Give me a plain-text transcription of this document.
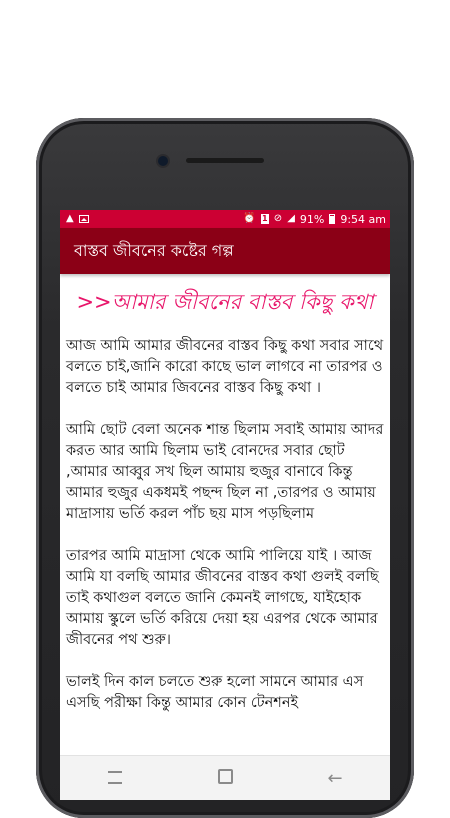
▲	⏰ 1 ⊘ ◢ 91% 9:54 am
বাস্তব জীবনের কষ্টের গল্প
>>আমার জীবনের বাস্তব কিছু কথা

আজ আমি আমার জীবনের বাস্তব কিছু কথা সবার সাথে বলতে চাই,জানি কারো কাছে ভাল লাগবে না তারপর ও বলতে চাই আমার জিবনের বাস্তব কিছু কথা ।

আমি ছোট বেলা অনেক শান্ত ছিলাম সবাই আমায় আদর করত আর আমি ছিলাম ভাই বোনদের সবার ছোট ,আমার আব্বুর সখ ছিল আমায় হুজুর বানাবে কিন্তু আমার হুজুর একধমই পছন্দ ছিল না ,তারপর ও আমায় মাদ্রাসায় ভর্তি করল পাঁচ ছয় মাস পড়ছিলাম

তারপর আমি মাদ্রাসা থেকে আমি পালিয়ে যাই । আজ আমি যা বলছি আমার জীবনের বাস্তব কথা গুলই বলছি তাই কথাগুল বলতে জানি কেমনই লাগছে, যাইহোক আমায় স্কুলে ভর্তি করিয়ে দেয়া হয় এরপর থেকে আমার জীবনের পথ শুরু।

ভালই দিন কাল চলতে শুরু হলো সামনে আমার এস এসছি পরীক্ষা কিন্তু আমার কোন টেনশনই

←
